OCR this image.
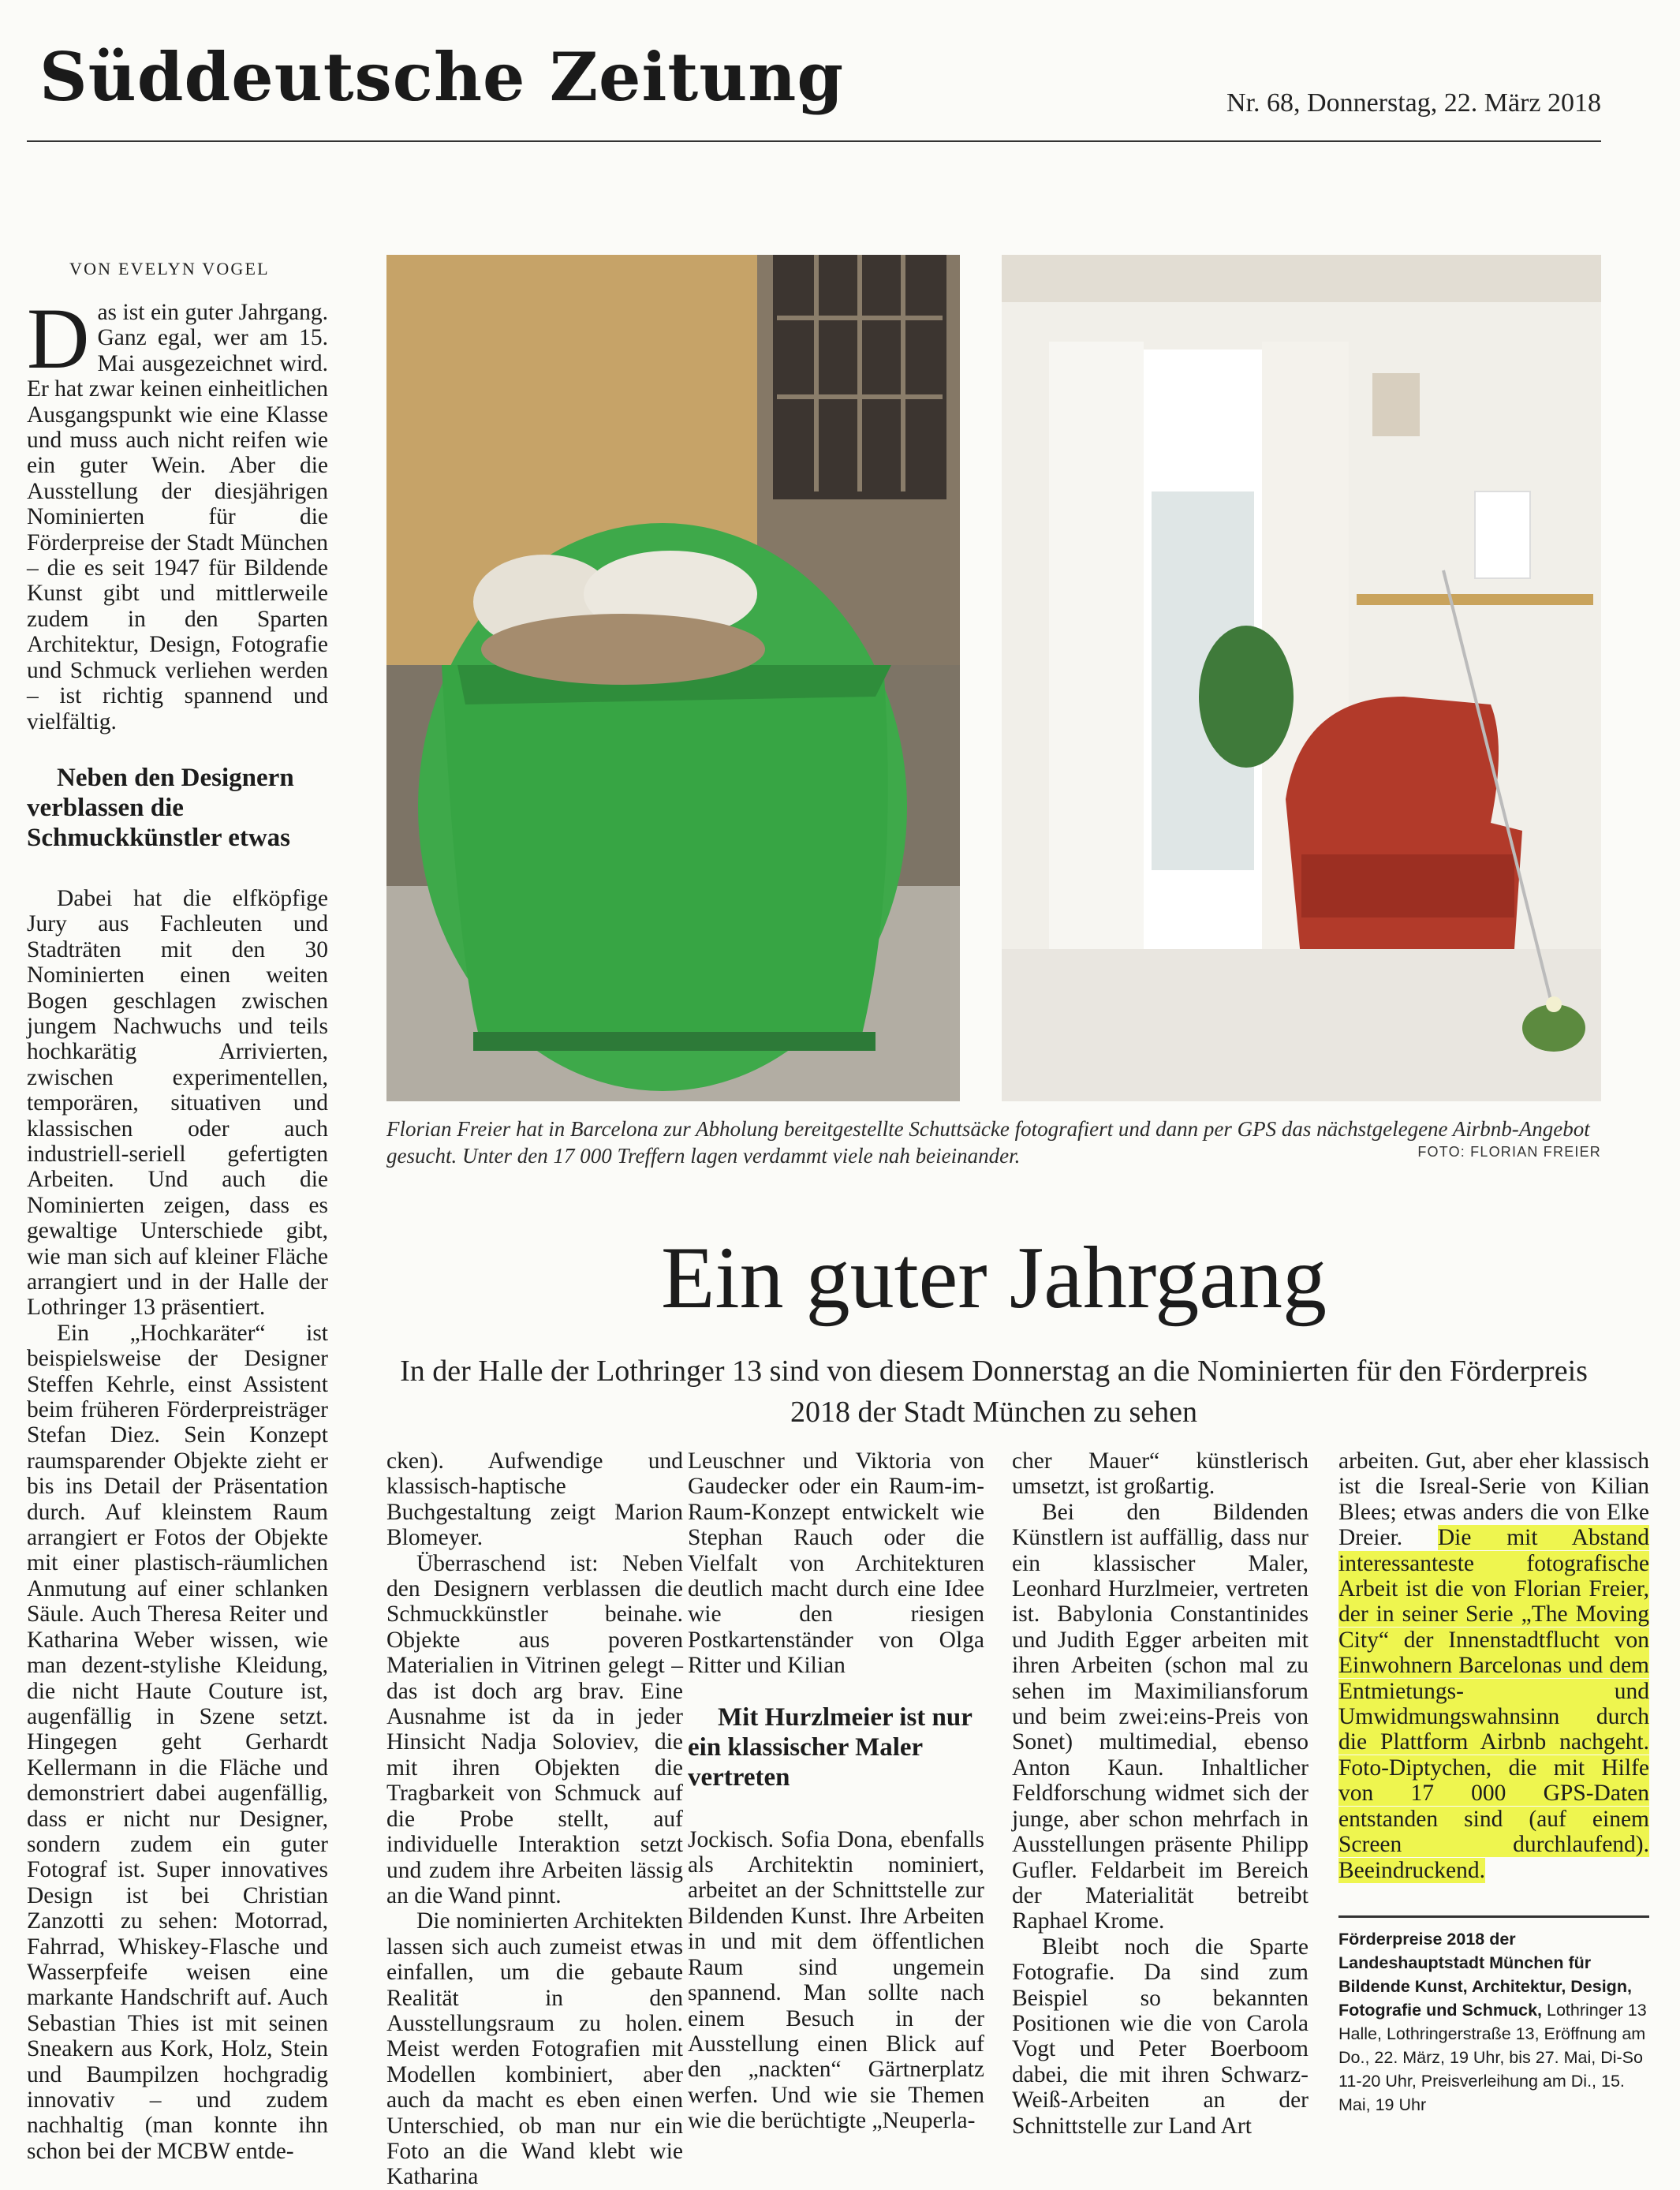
Süddeutsche Zeitung	Nr. 68, Donnerstag, 22. März 2018
VON EVELYN VOGEL

Das ist ein guter Jahrgang. Ganz egal, wer am 15. Mai ausgezeichnet wird. Er hat zwar keinen einheitlichen Ausgangspunkt wie eine Klasse und muss auch nicht reifen wie ein guter Wein. Aber die Ausstellung der diesjährigen Nominierten für die Förderpreise der Stadt München – die es seit 1947 für Bildende Kunst gibt und mittlerweile zudem in den Sparten Architektur, Design, Fotografie und Schmuck verliehen werden – ist richtig spannend und vielfältig.

Neben den Designern verblassen die Schmuckkünstler etwas

Dabei hat die elfköpfige Jury aus Fachleuten und Stadträten mit den 30 Nominierten einen weiten Bogen geschlagen zwischen jungem Nachwuchs und teils hochkarätig Arrivierten, zwischen experimentellen, temporären, situativen und klassischen oder auch industriell-seriell gefertigten Arbeiten. Und auch die Nominierten zeigen, dass es gewaltige Unterschiede gibt, wie man sich auf kleiner Fläche arrangiert und in der Halle der Lothringer 13 präsentiert.

Ein „Hochkaräter“ ist beispielsweise der Designer Steffen Kehrle, einst Assistent beim früheren Förderpreisträger Stefan Diez. Sein Konzept raumsparender Objekte zieht er bis ins Detail der Präsentation durch. Auf kleinstem Raum arrangiert er Fotos der Objekte mit einer plastisch-räumlichen Anmutung auf einer schlanken Säule. Auch Theresa Reiter und Katharina Weber wissen, wie man dezent-stylishe Kleidung, die nicht Haute Couture ist, augenfällig in Szene setzt. Hingegen geht Gerhardt Kellermann in die Fläche und demonstriert dabei augenfällig, dass er nicht nur Designer, sondern zudem ein guter Fotograf ist. Super innovatives Design ist bei Christian Zanzotti zu sehen: Motorrad, Fahrrad, Whiskey-Flasche und Wasserpfeife weisen eine markante Handschrift auf. Auch Sebastian Thies ist mit seinen Sneakern aus Kork, Holz, Stein und Baumpilzen hochgradig innovativ – und zudem nachhaltig (man konnte ihn schon bei der MCBW entde-

Florian Freier hat in Barcelona zur Abholung bereitgestellte Schuttsäcke fotografiert und dann per GPS das nächstgelegene Airbnb-Angebot gesucht. Unter den 17 000 Treffern lagen verdammt viele nah beieinander.	FOTO: FLORIAN FREIER
Ein guter Jahrgang
In der Halle der Lothringer 13 sind von diesem Donnerstag an die Nominierten für den Förderpreis 2018 der Stadt München zu sehen

cken). Aufwendige und klassisch-haptische Buchgestaltung zeigt Marion Blomeyer.

Überraschend ist: Neben den Designern verblassen die Schmuckkünstler beinahe. Objekte aus poveren Materialien in Vitrinen gelegt – das ist doch arg brav. Eine Ausnahme ist da in jeder Hinsicht Nadja Soloviev, die mit ihren Objekten die Tragbarkeit von Schmuck auf die Probe stellt, auf individuelle Interaktion setzt und zudem ihre Arbeiten lässig an die Wand pinnt.

Die nominierten Architekten lassen sich auch zumeist etwas einfallen, um die gebaute Realität in den Ausstellungsraum zu holen. Meist werden Fotografien mit Modellen kombiniert, aber auch da macht es eben einen Unterschied, ob man nur ein Foto an die Wand klebt wie Katharina

Leuschner und Viktoria von Gaudecker oder ein Raum-im-Raum-Konzept entwickelt wie Stephan Rauch oder die Vielfalt von Architekturen deutlich macht durch eine Idee wie den riesigen Postkartenständer von Olga Ritter und Kilian

Mit Hurzlmeier ist nur ein klassischer Maler vertreten

Jockisch. Sofia Dona, ebenfalls als Architektin nominiert, arbeitet an der Schnittstelle zur Bildenden Kunst. Ihre Arbeiten in und mit dem öffentlichen Raum sind ungemein spannend. Man sollte nach einem Besuch in der Ausstellung einen Blick auf den „nackten“ Gärtnerplatz werfen. Und wie sie Themen wie die berüchtigte „Neuperla-

cher Mauer“ künstlerisch umsetzt, ist großartig.

Bei den Bildenden Künstlern ist auffällig, dass nur ein klassischer Maler, Leonhard Hurzlmeier, vertreten ist. Babylonia Constantinides und Judith Egger arbeiten mit ihren Arbeiten (schon mal zu sehen im Maximiliansforum und beim zwei:eins-Preis von Sonet) multimedial, ebenso Anton Kaun. Inhaltlicher Feldforschung widmet sich der junge, aber schon mehrfach in Ausstellungen präsente Philipp Gufler. Feldarbeit im Bereich der Materialität betreibt Raphael Krome.

Bleibt noch die Sparte Fotografie. Da sind zum Beispiel so bekannten Positionen wie die von Carola Vogt und Peter Boerboom dabei, die mit ihren Schwarz-Weiß-Arbeiten an der Schnittstelle zur Land Art

arbeiten. Gut, aber eher klassisch ist die Isreal-Serie von Kilian Blees; etwas anders die von Elke Dreier. Die mit Abstand interessanteste fotografische Arbeit ist die von Florian Freier, der in seiner Serie „The Moving City“ der Innenstadtflucht von Einwohnern Barcelonas und dem Entmietungs- und Umwidmungswahnsinn durch die Plattform Airbnb nachgeht. Foto-Diptychen, die mit Hilfe von 17 000 GPS-Daten entstanden sind (auf einem Screen durchlaufend). Beeindruckend.

Förderpreise 2018 der Landeshauptstadt München für Bildende Kunst, Architektur, Design, Fotografie und Schmuck, Lothringer 13 Halle, Lothringerstraße 13, Eröffnung am Do., 22. März, 19 Uhr, bis 27. Mai, Di-So 11-20 Uhr, Preisverleihung am Di., 15. Mai, 19 Uhr
